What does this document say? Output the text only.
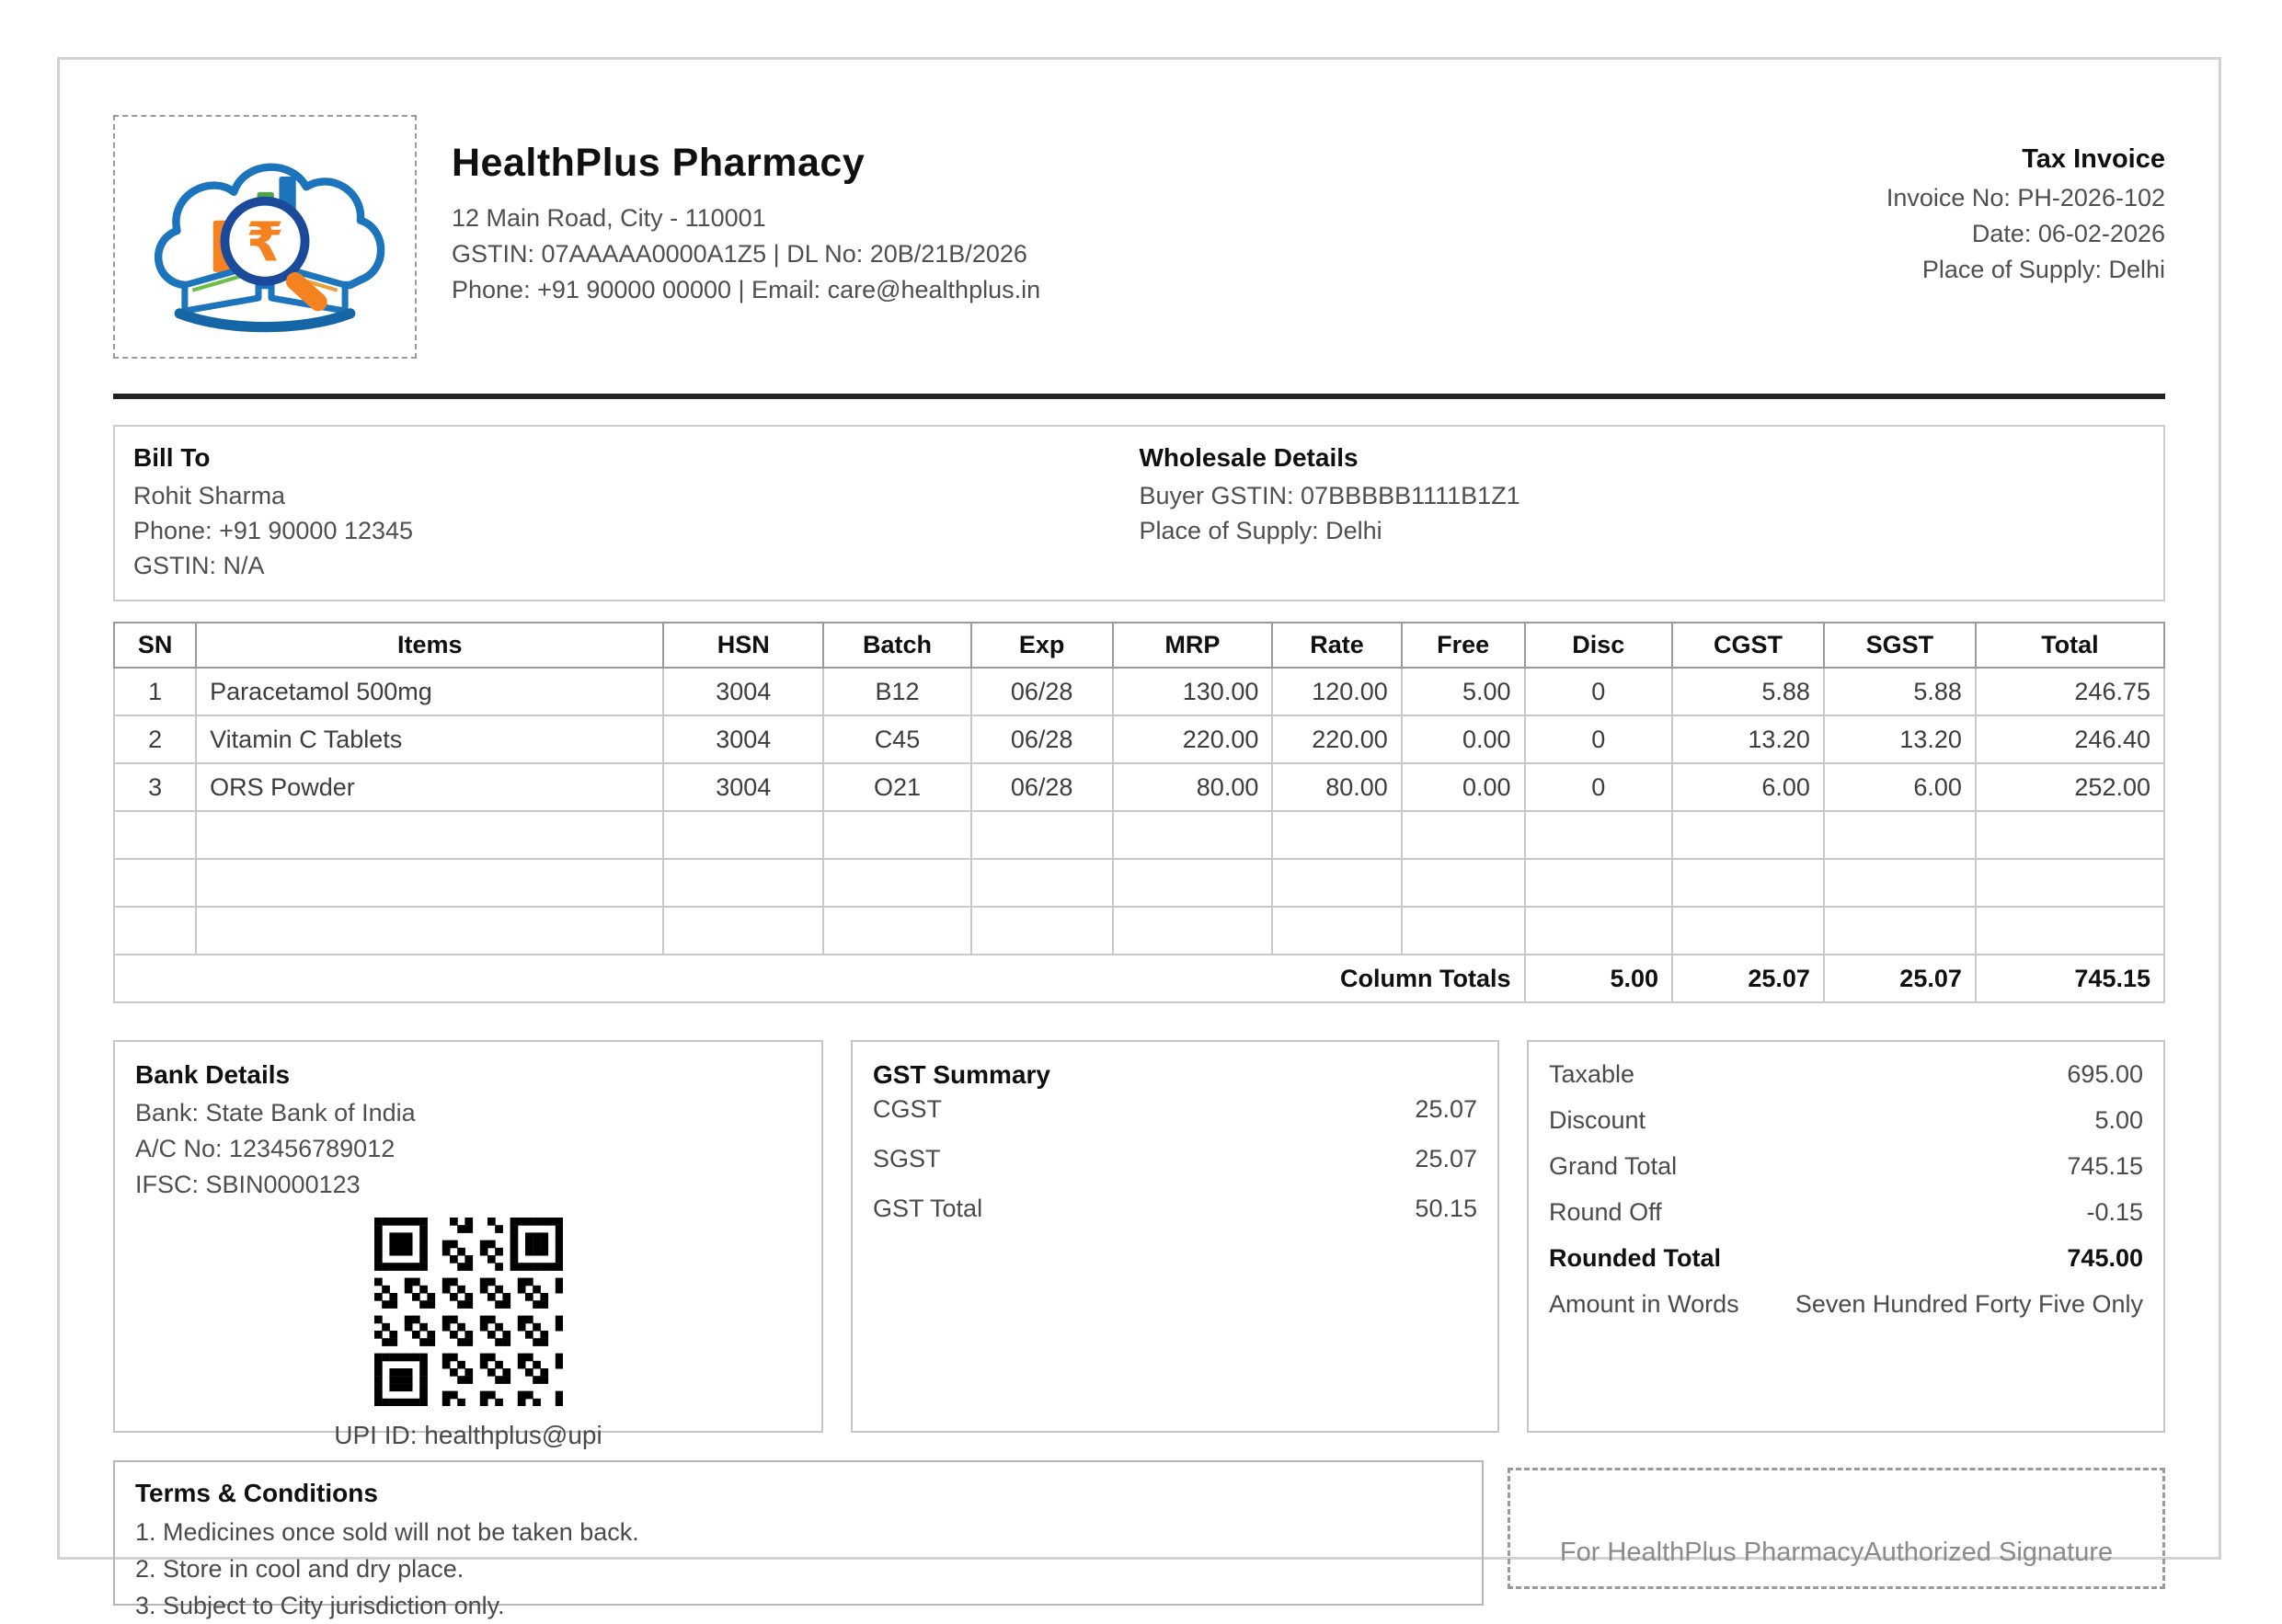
₹
HealthPlus Pharmacy
12 Main Road, City - 110001
GSTIN: 07AAAAA0000A1Z5 | DL No: 20B/21B/2026
Phone: +91 90000 00000 | Email: care@healthplus.in
Tax Invoice
Invoice No: PH-2026-102
Date: 06-02-2026
Place of Supply: Delhi
Bill To
Rohit Sharma
Phone: +91 90000 12345
GSTIN: N/A
Wholesale Details
Buyer GSTIN: 07BBBBB1111B1Z1
Place of Supply: Delhi
SN	Items	HSN	Batch	Exp	MRP	Rate	Free	Disc	CGST	SGST	Total
1	Paracetamol 500mg	3004	B12	06/28	130.00	120.00	5.00	0	5.88	5.88	246.75
2	Vitamin C Tablets	3004	C45	06/28	220.00	220.00	0.00	0	13.20	13.20	246.40
3	ORS Powder	3004	O21	06/28	80.00	80.00	0.00	0	6.00	6.00	252.00

Column Totals								5.00	25.07	25.07	745.15
Bank Details
Bank: State Bank of India
A/C No: 123456789012
IFSC: SBIN0000123
UPI ID: healthplus@upi
GST Summary
CGST	25.07
SGST	25.07
GST Total	50.15
Taxable	695.00
Discount	5.00
Grand Total	745.15
Round Off	-0.15
Rounded Total	745.00
Amount in Words Seven Hundred Forty Five Only
Terms & Conditions
1. Medicines once sold will not be taken back.
2. Store in cool and dry place.
3. Subject to City jurisdiction only.
For HealthPlus PharmacyAuthorized Signature
